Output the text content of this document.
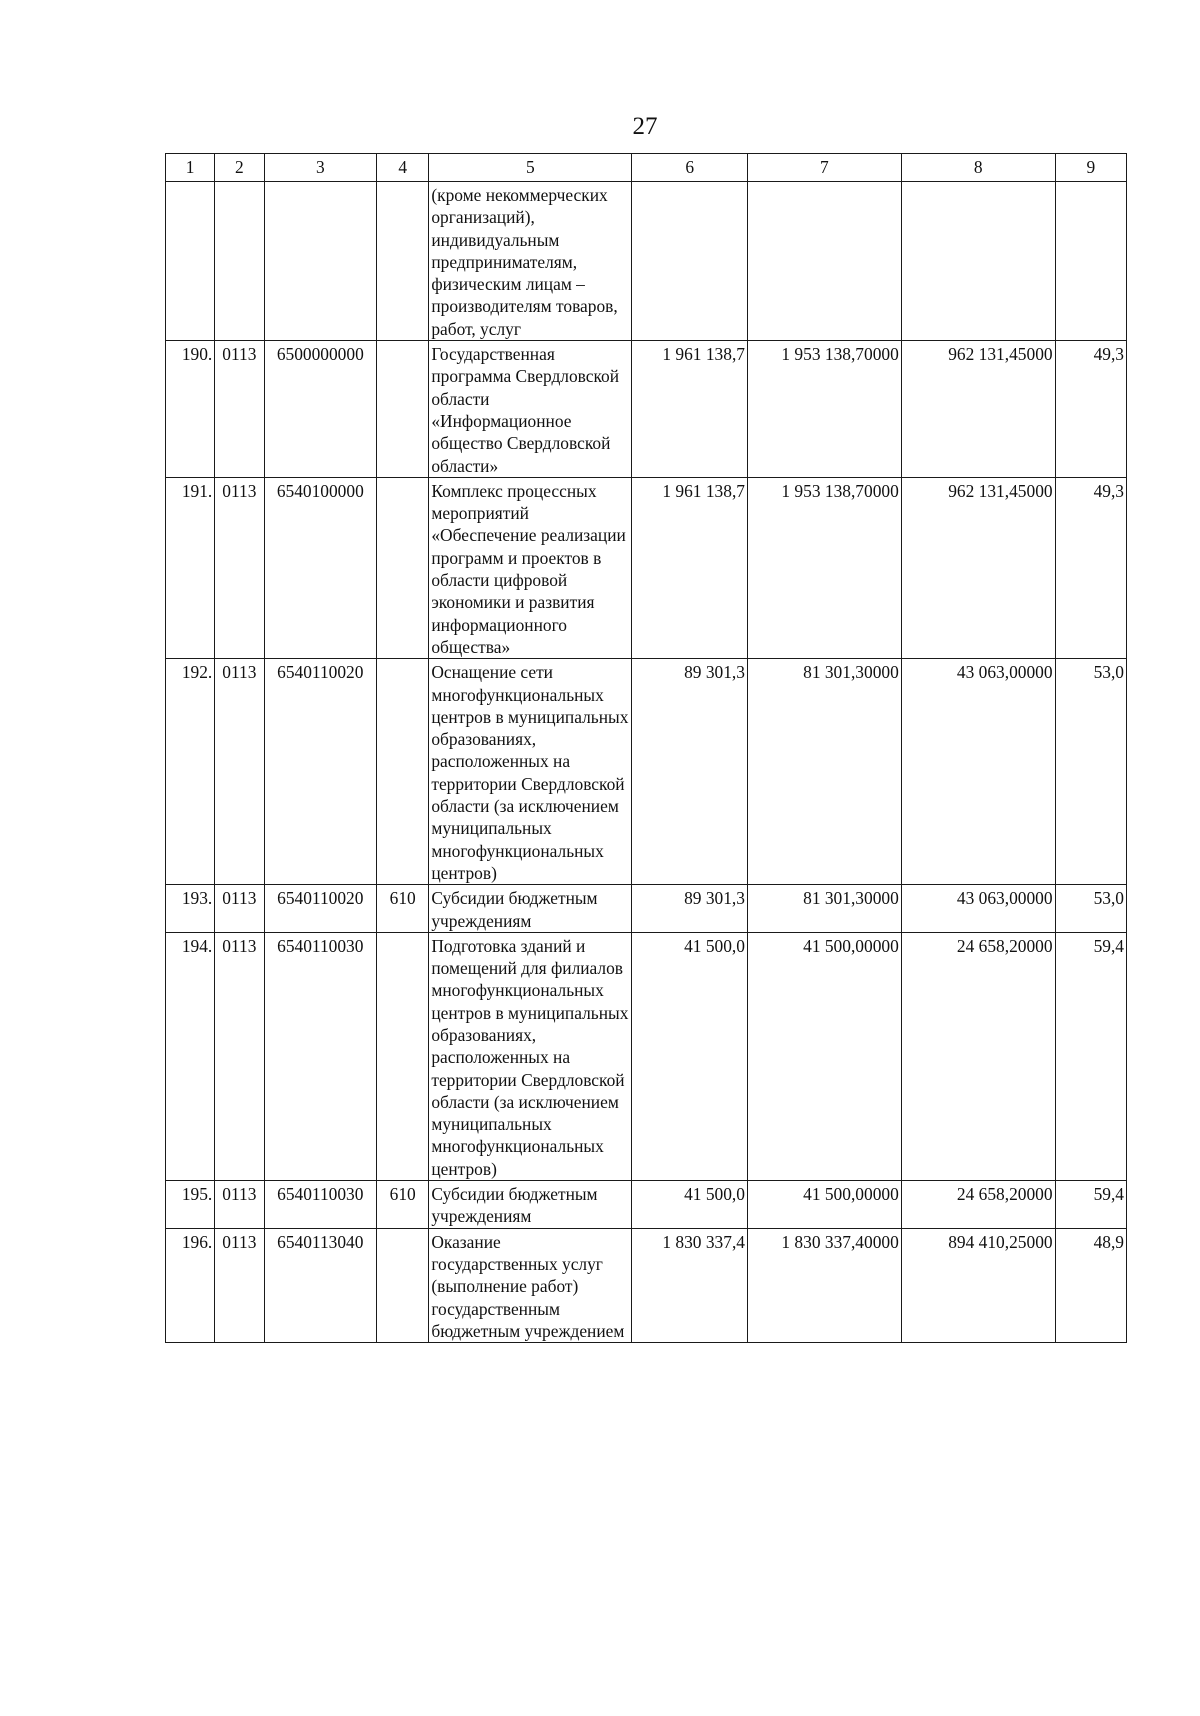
27
1	2	3	4	5	6	7	8	9

				(кроме некоммерческих организаций), индивидуальным предпринимателям, физическим лицам – производителям товаров, работ, услуг				

190.	0113	6500000000		Государственная программа Свердловской области «Информационное общество Свердловской области»	1 961 138,7	1 953 138,70000	962 131,45000	49,3

191.	0113	6540100000		Комплекс процессных мероприятий «Обеспечение реализации программ и проектов в области цифровой экономики и развития информационного общества»	1 961 138,7	1 953 138,70000	962 131,45000	49,3

192.	0113	6540110020		Оснащение сети многофункциональных центров в муниципальных образованиях, расположенных на территории Свердловской области (за исключением муниципальных многофункциональных центров)	89 301,3	81 301,30000	43 063,00000	53,0

193.	0113	6540110020	610	Субсидии бюджетным учреждениям	89 301,3	81 301,30000	43 063,00000	53,0

194.	0113	6540110030		Подготовка зданий и помещений для филиалов многофункциональных центров в муниципальных образованиях, расположенных на территории Свердловской области (за исключением муниципальных многофункциональных центров)	41 500,0	41 500,00000	24 658,20000	59,4

195.	0113	6540110030	610	Субсидии бюджетным учреждениям	41 500,0	41 500,00000	24 658,20000	59,4

196.	0113	6540113040		Оказание государственных услуг (выполнение работ) государственным бюджетным учреждением	1 830 337,4	1 830 337,40000	894 410,25000	48,9
